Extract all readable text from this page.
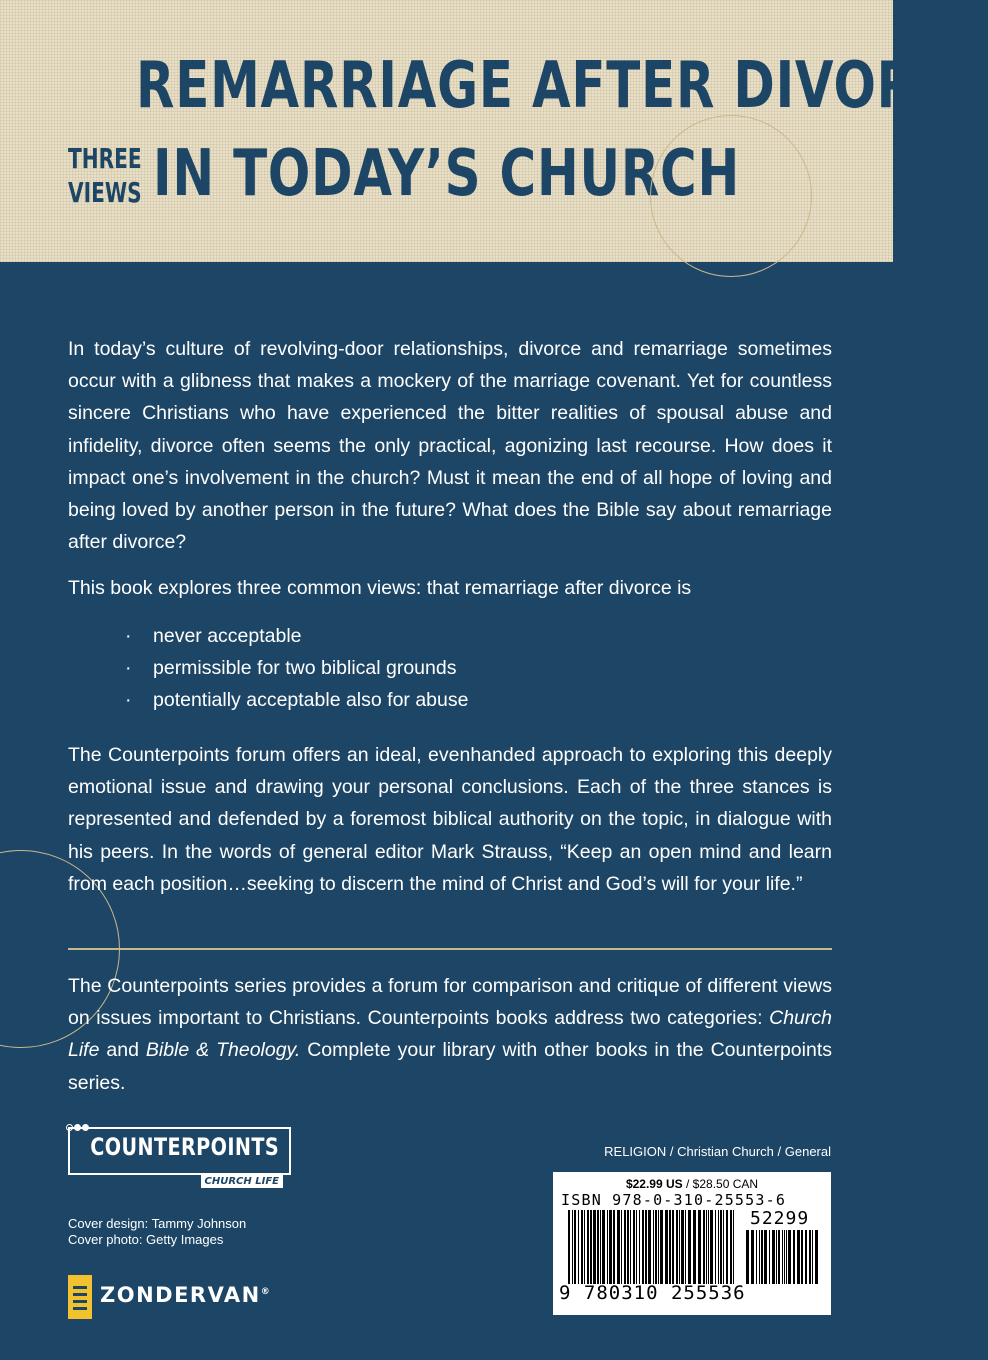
REMARRIAGE AFTER DIVORCE
THREE
VIEWS IN TODAY’S CHURCH
In today’s culture of revolving-door relationships, divorce and remarriage sometimes occur with a glibness that makes a mockery of the marriage covenant. Yet for countless sincere Christians who have experienced the bitter realities of spousal abuse and infidelity, divorce often seems the only practical, agonizing last recourse. How does it impact one’s involvement in the church? Must it mean the end of all hope of loving and being loved by another person in the future? What does the Bible say about remarriage after divorce?
This book explores three common views: that remarriage after divorce is
· never acceptable
· permissible for two biblical grounds
· potentially acceptable also for abuse
The Counterpoints forum offers an ideal, evenhanded approach to exploring this deeply emotional issue and drawing your personal conclusions. Each of the three stances is represented and defended by a foremost biblical authority on the topic, in dialogue with his peers. In the words of general editor Mark Strauss, “Keep an open mind and learn from each position…seeking to discern the mind of Christ and God’s will for your life.”
The Counterpoints series provides a forum for comparison and critique of different views on issues important to Christians. Counterpoints books address two categories: Church Life and Bible & Theology. Complete your library with other books in the Counterpoints series.
COUNTERPOINTS
CHURCH LIFE
Cover design: Tammy Johnson
Cover photo: Getty Images
ZONDERVAN®
RELIGION / Christian Church / General
$22.99 US / $28.50 CAN
ISBN 978-0-310-25553-6
52299
9 780310 255536
